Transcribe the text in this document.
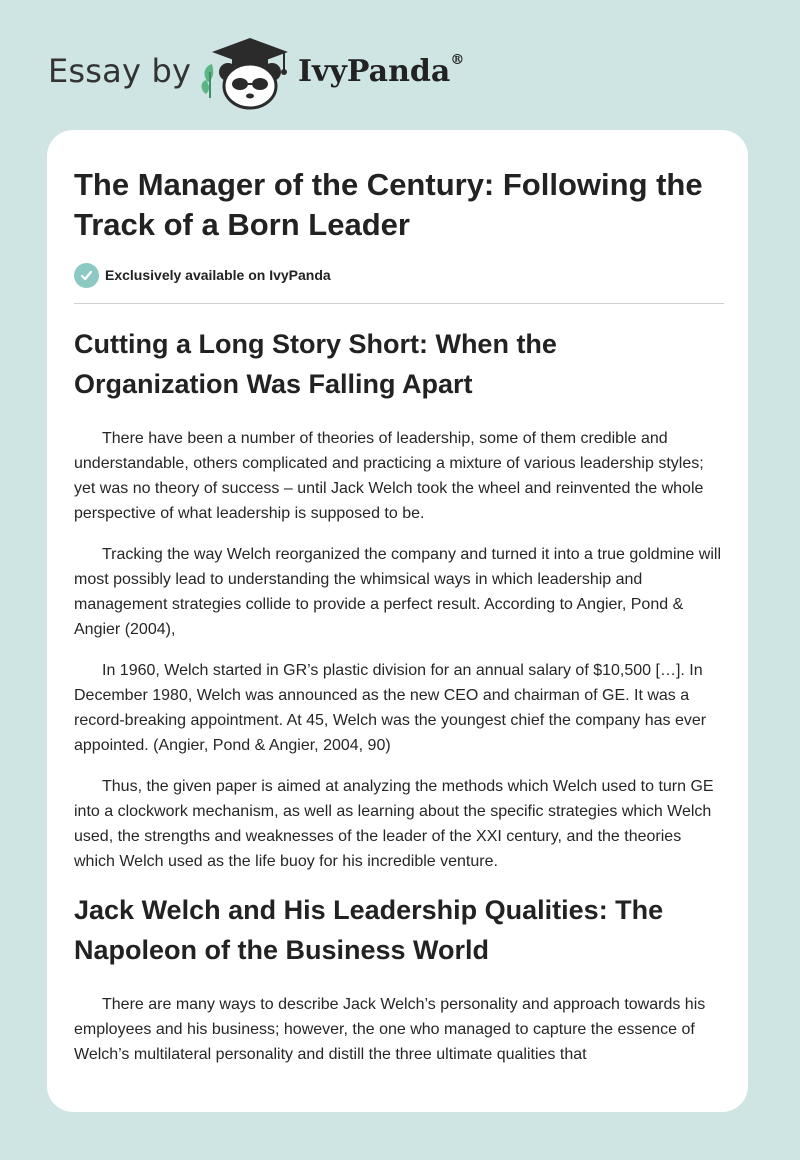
Essay by	IvyPanda®
The Manager of the Century: Following the Track of a Born Leader
Exclusively available on IvyPanda
Cutting a Long Story Short: When the Organization Was Falling Apart

There have been a number of theories of leadership, some of them credible and understandable, others complicated and practicing a mixture of various leadership styles; yet was no theory of success – until Jack Welch took the wheel and reinvented the whole perspective of what leadership is supposed to be.

Tracking the way Welch reorganized the company and turned it into a true goldmine will most possibly lead to understanding the whimsical ways in which leadership and management strategies collide to provide a perfect result. According to Angier, Pond & Angier (2004),

In 1960, Welch started in GR’s plastic division for an annual salary of $10,500 […]. In December 1980, Welch was announced as the new CEO and chairman of GE. It was a record-breaking appointment. At 45, Welch was the youngest chief the company has ever appointed. (Angier, Pond & Angier, 2004, 90)

Thus, the given paper is aimed at analyzing the methods which Welch used to turn GE into a clockwork mechanism, as well as learning about the specific strategies which Welch used, the strengths and weaknesses of the leader of the XXI century, and the theories which Welch used as the life buoy for his incredible venture.

Jack Welch and His Leadership Qualities: The Napoleon of the Business World

There are many ways to describe Jack Welch’s personality and approach towards his employees and his business; however, the one who managed to capture the essence of Welch’s multilateral personality and distill the three ultimate qualities that
